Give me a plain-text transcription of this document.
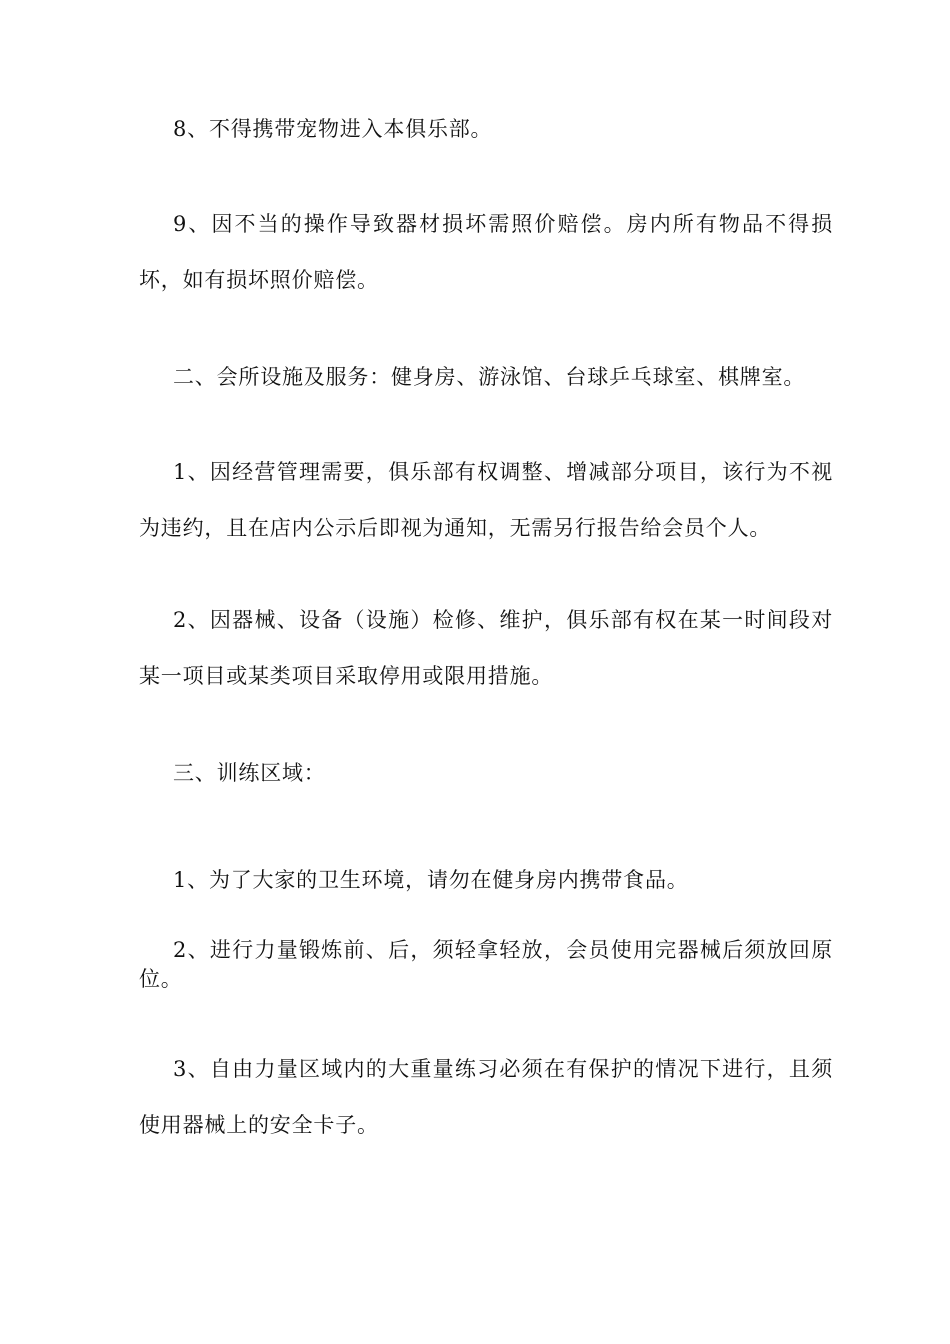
8、不得携带宠物进入本俱乐部。

9、因不当的操作导致器材损坏需照价赔偿。房内所有物品不得损坏，如有损坏照价赔偿。

二、会所设施及服务：健身房、游泳馆、台球乒乓球室、棋牌室。

1、因经营管理需要，俱乐部有权调整、增减部分项目，该行为不视为违约，且在店内公示后即视为通知，无需另行报告给会员个人。

2、因器械、设备（设施）检修、维护，俱乐部有权在某一时间段对某一项目或某类项目采取停用或限用措施。

三、训练区域：

1、为了大家的卫生环境，请勿在健身房内携带食品。

2、进行力量锻炼前、后，须轻拿轻放，会员使用完器械后须放回原位。

3、自由力量区域内的大重量练习必须在有保护的情况下进行，且须使用器械上的安全卡子。
